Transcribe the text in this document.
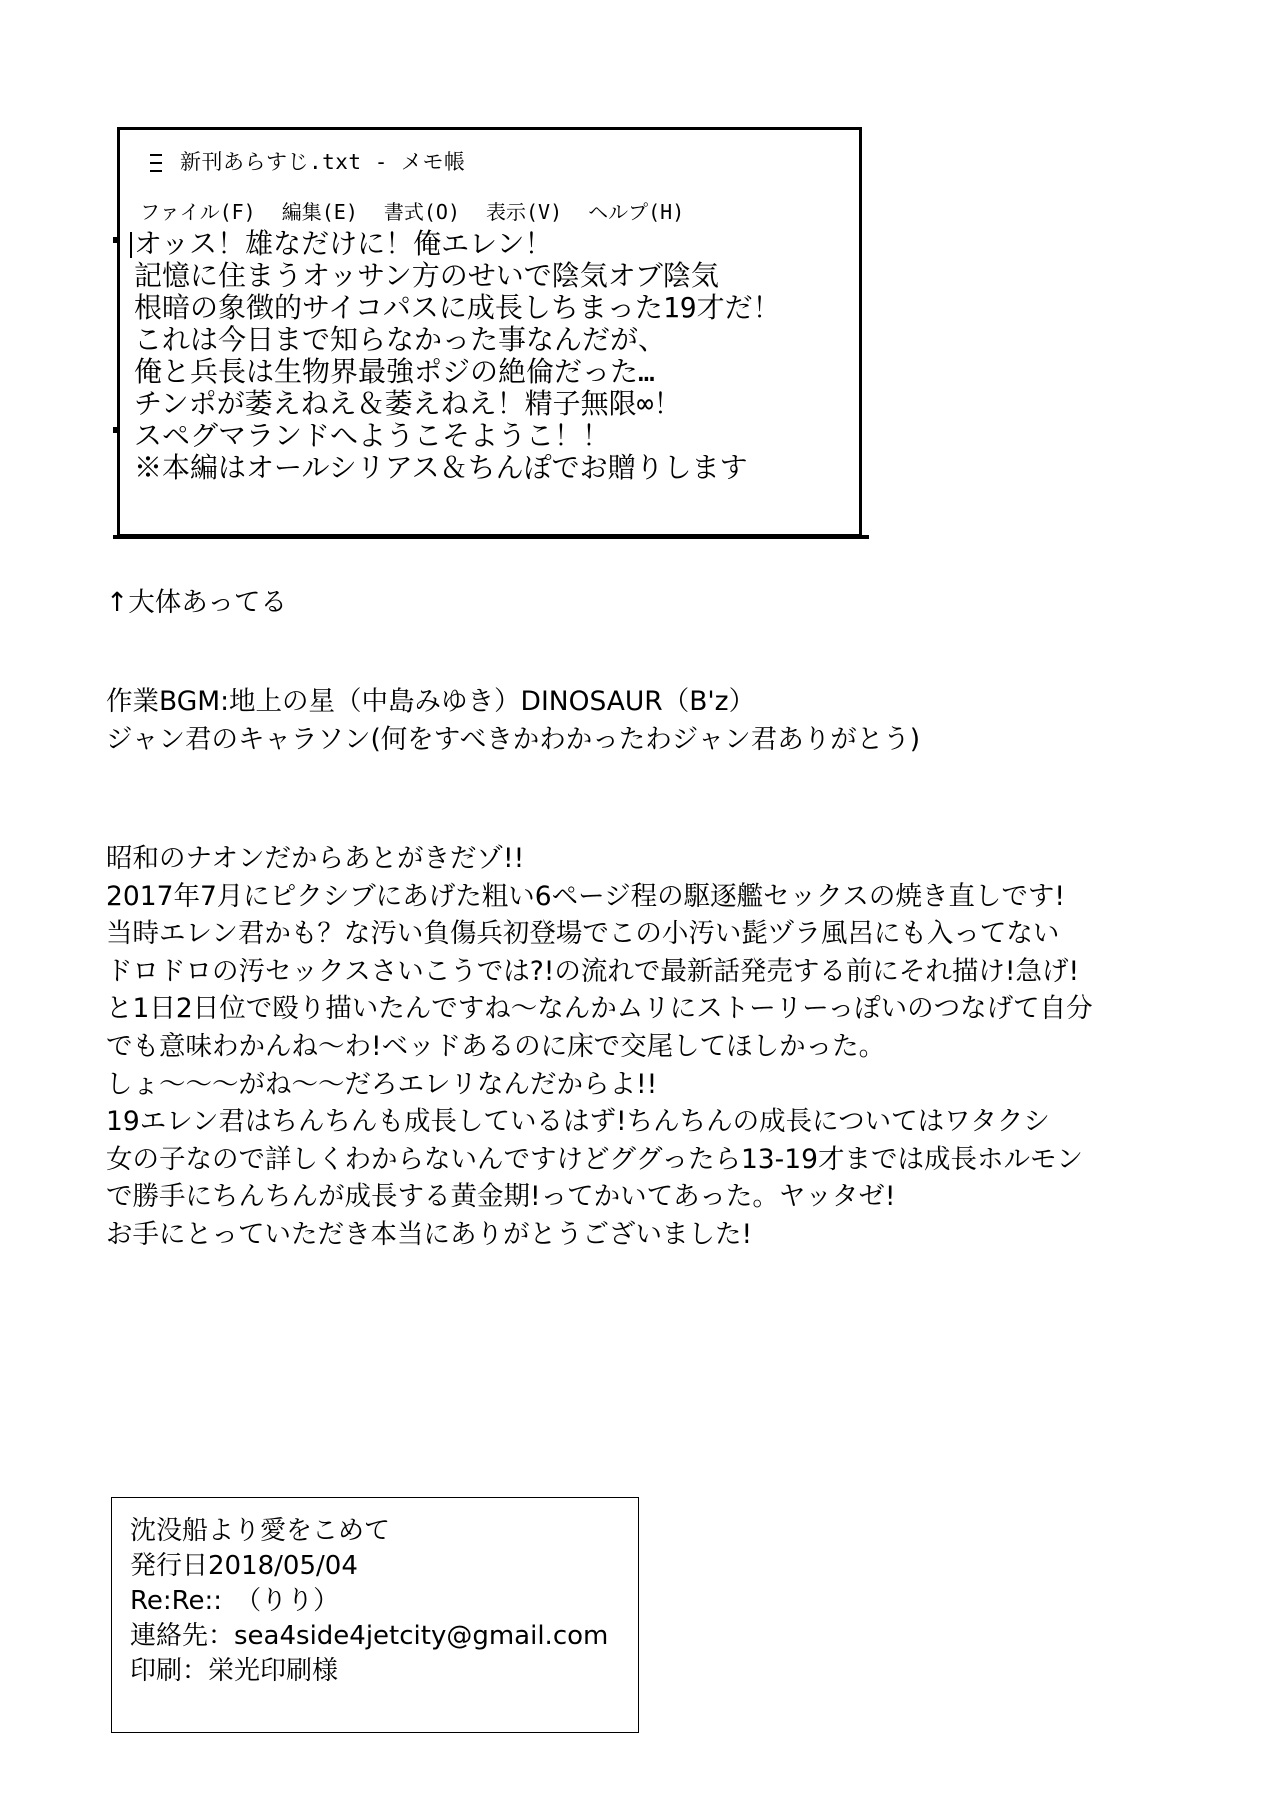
新刊あらすじ.txt - メモ帳
ファイル(F) 編集(E) 書式(O) 表示(V) ヘルプ(H)
オッス！雄なだけに！俺エレン！
記憶に住まうオッサン方のせいで陰気オブ陰気
根暗の象徴的サイコパスに成長しちまった19才だ！
これは今日まで知らなかった事なんだが、
俺と兵長は生物界最強ポジの絶倫だった…
チンポが萎えねえ＆萎えねえ！精子無限∞！
スペグマランドへようこそようこ！！
※本編はオールシリアス＆ちんぽでお贈りします
↑大体あってる
作業BGM:地上の星（中島みゆき）DINOSAUR（B'z）
ジャン君のキャラソン(何をすべきかわかったわジャン君ありがとう)
昭和のナオンだからあとがきだゾ!!
2017年7月にピクシブにあげた粗い6ページ程の駆逐艦セックスの焼き直しです!
当時エレン君かも？な汚い負傷兵初登場でこの小汚い髭ヅラ風呂にも入ってない
ドロドロの汚セックスさいこうでは?!の流れで最新話発売する前にそれ描け!急げ!
と1日2日位で殴り描いたんですね～なんかムリにストーリーっぽいのつなげて自分
でも意味わかんね～わ!ベッドあるのに床で交尾してほしかった。
しょ～～～がね～～だろエレリなんだからよ!!
19エレン君はちんちんも成長しているはず!ちんちんの成長についてはワタクシ
女の子なので詳しくわからないんですけどググったら13-19才までは成長ホルモン
で勝手にちんちんが成長する黄金期!ってかいてあった。ヤッタゼ!
お手にとっていただき本当にありがとうございました!
沈没船より愛をこめて
発行日2018/05/04
Re:Re::　（りり）
連絡先：sea4side4jetcity@gmail.com
印刷：栄光印刷様
